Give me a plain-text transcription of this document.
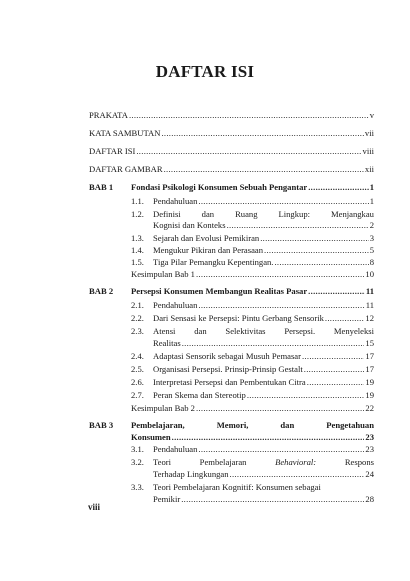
DAFTAR ISI
PRAKATA .....	v
KATA SAMBUTAN .....	vii
DAFTAR ISI .....	viii
DAFTAR GAMBAR .....	xii
BAB 1 Fondasi Psikologi Konsumen Sebuah Pengantar .....	1
1.1. Pendahuluan .....	1
1.2. Definisi dan Ruang Lingkup: Menjangkau
Kognisi dan Konteks .....	2
1.3. Sejarah dan Evolusi Pemikiran .....	3
1.4. Mengukur Pikiran dan Perasaan .....	5
1.5. Tiga Pilar Pemangku Kepentingan. .....	8
Kesimpulan Bab 1 .....	10
BAB 2 Persepsi Konsumen Membangun Realitas Pasar .....	11
2.1. Pendahuluan .....	11
2.2. Dari Sensasi ke Persepsi: Pintu Gerbang Sensorik .....	12
2.3. Atensi dan Selektivitas Persepsi. Menyeleksi
Realitas .....	15
2.4. Adaptasi Sensorik sebagai Musuh Pemasar .....	17
2.5. Organisasi Persepsi. Prinsip-Prinsip Gestalt .....	17
2.6. Interpretasi Persepsi dan Pembentukan Citra .....	19
2.7. Peran Skema dan Stereotip .....	19
Kesimpulan Bab 2 .....	22
BAB 3 Pembelajaran,	Memori,	dan	Pengetahuan
Konsumen .....	23
3.1. Pendahuluan .....	23
3.2. Teori	Pembelajaran	Behavioral:	Respons
Terhadap Lingkungan .....	24
3.3. Teori Pembelajaran Kognitif: Konsumen sebagai
Pemikir .....	28
viii
